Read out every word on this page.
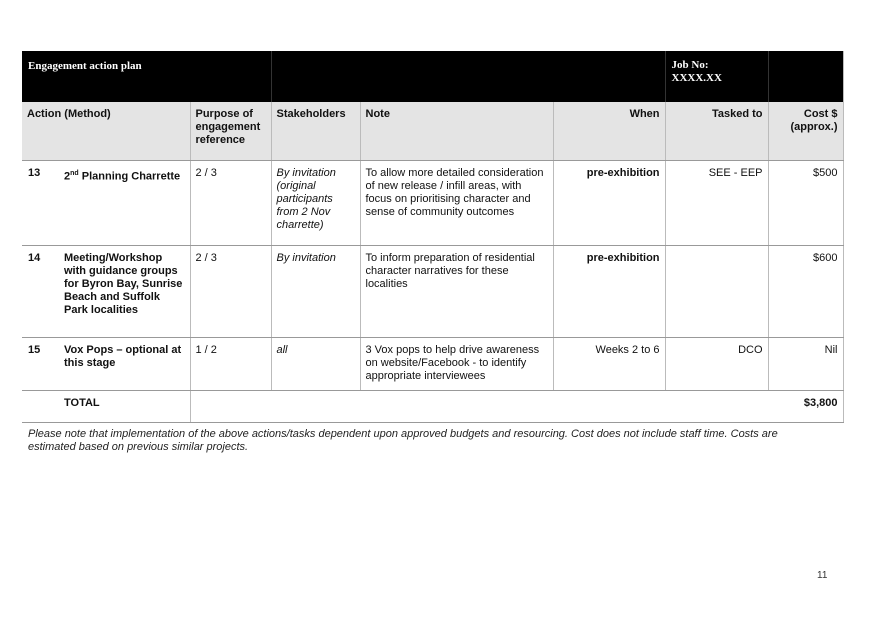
Engagement action plan						Job No:
XXXX.XX	

Action (Method)		Purpose of engagement reference	Stakeholders	Note	When	Tasked to	Cost $ (approx.)
13	2nd Planning Charrette	2 / 3	By invitation (original participants from 2 Nov charrette)	To allow more detailed consideration of new release / infill areas, with focus on prioritising character and sense of community outcomes	pre-exhibition	SEE - EEP	$500
14	Meeting/Workshop with guidance groups for Byron Bay, Sunrise Beach and Suffolk Park localities	2 / 3	By invitation	To inform preparation of residential character narratives for these localities	pre-exhibition		$600
15	Vox Pops – optional at this stage	1 / 2	all	3 Vox pops to help drive awareness on website/Facebook - to identify appropriate interviewees	Weeks 2 to 6	DCO	Nil
	TOTAL						$3,800
Please note that implementation of the above actions/tasks dependent upon approved budgets and resourcing. Cost does not include staff time. Costs are estimated based on previous similar projects.
11
